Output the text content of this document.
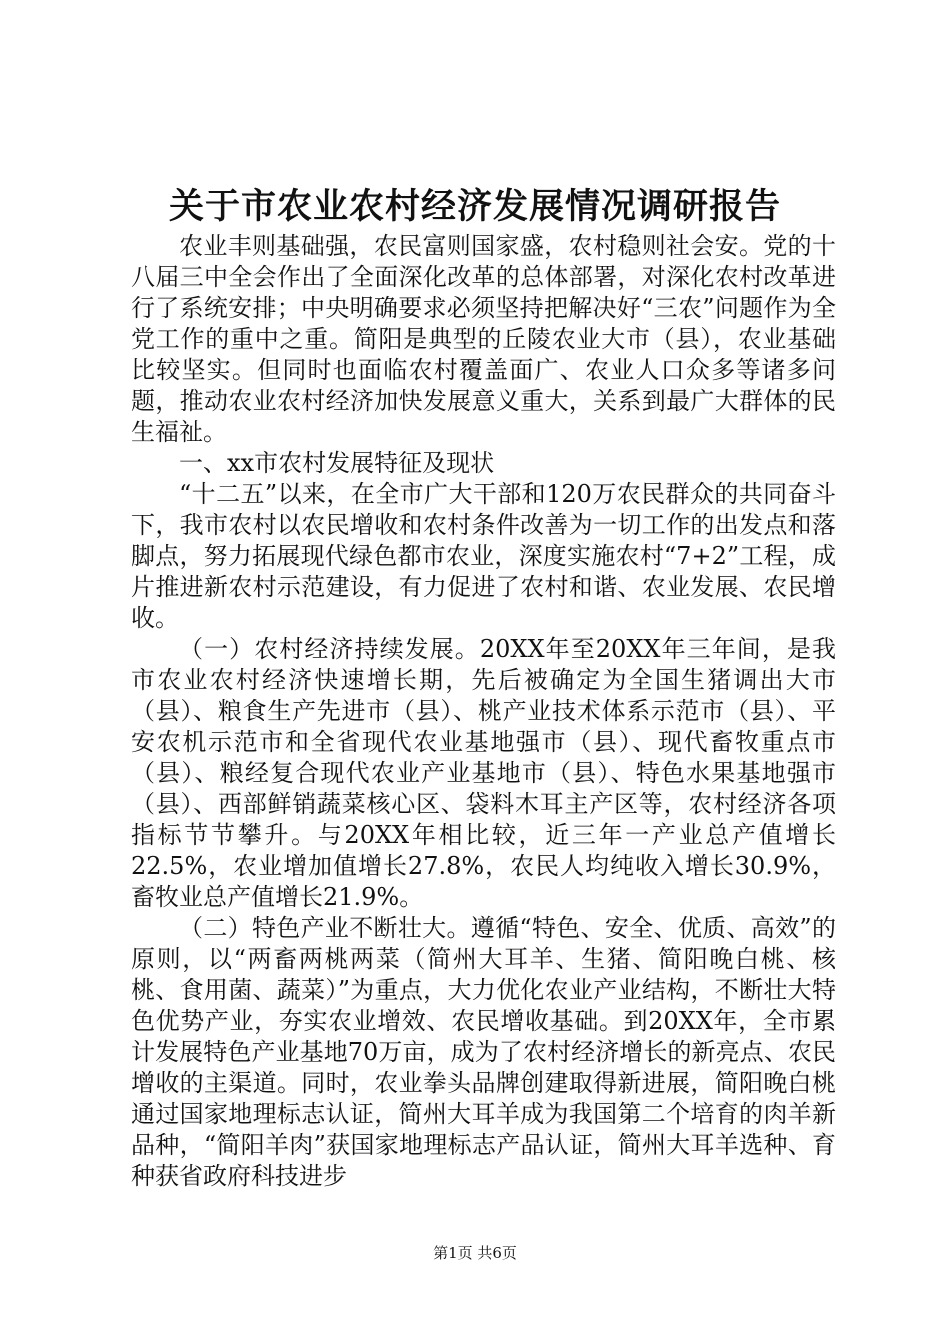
关于市农业农村经济发展情况调研报告

农业丰则基础强，农民富则国家盛，农村稳则社会安。党的十八届三中全会作出了全面深化改革的总体部署，对深化农村改革进行了系统安排；中央明确要求必须坚持把解决好“三农”问题作为全党工作的重中之重。简阳是典型的丘陵农业大市（县），农业基础比较坚实。但同时也面临农村覆盖面广、农业人口众多等诸多问题，推动农业农村经济加快发展意义重大，关系到最广大群体的民生福祉。

一、xx市农村发展特征及现状

“十二五”以来，在全市广大干部和120万农民群众的共同奋斗下，我市农村以农民增收和农村条件改善为一切工作的出发点和落脚点，努力拓展现代绿色都市农业，深度实施农村“7+2”工程，成片推进新农村示范建设，有力促进了农村和谐、农业发展、农民增收。

（一）农村经济持续发展。20XX年至20XX年三年间，是我市农业农村经济快速增长期，先后被确定为全国生猪调出大市（县）、粮食生产先进市（县）、桃产业技术体系示范市（县）、平安农机示范市和全省现代农业基地强市（县）、现代畜牧重点市（县）、粮经复合现代农业产业基地市（县）、特色水果基地强市（县）、西部鲜销蔬菜核心区、袋料木耳主产区等，农村经济各项指标节节攀升。与20XX年相比较，近三年一产业总产值增长22.5%，农业增加值增长27.8%，农民人均纯收入增长30.9%，畜牧业总产值增长21.9%。

（二）特色产业不断壮大。遵循“特色、安全、优质、高效”的原则，以“两畜两桃两菜（简州大耳羊、生猪、简阳晚白桃、核桃、食用菌、蔬菜）”为重点，大力优化农业产业结构，不断壮大特色优势产业，夯实农业增效、农民增收基础。到20XX年，全市累计发展特色产业基地70万亩，成为了农村经济增长的新亮点、农民增收的主渠道。同时，农业拳头品牌创建取得新进展，简阳晚白桃通过国家地理标志认证，简州大耳羊成为我国第二个培育的肉羊新品种，“简阳羊肉”获国家地理标志产品认证，简州大耳羊选种、育种获省政府科技进步

第1页 共6页
